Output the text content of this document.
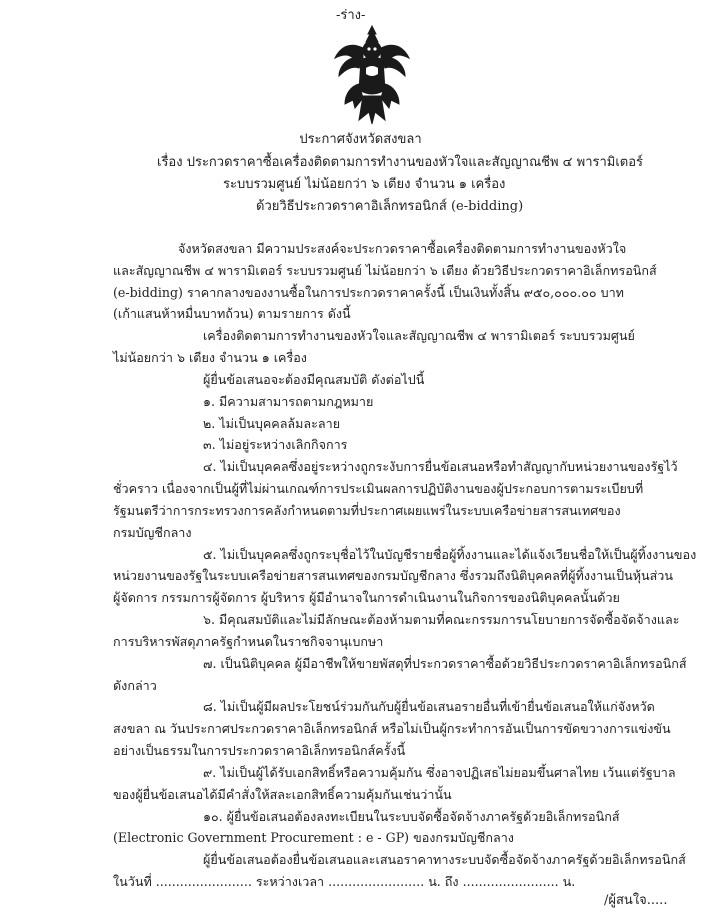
-ร่าง-
ประกาศจังหวัดสงขลา
เรื่อง ประกวดราคาซื้อเครื่องติดตามการทำงานของหัวใจและสัญญาณชีพ ๔ พารามิเตอร์
ระบบรวมศูนย์ ไม่น้อยกว่า ๖ เตียง จำนวน ๑ เครื่อง
ด้วยวิธีประกวดราคาอิเล็กทรอนิกส์ (e-bidding)
จังหวัดสงขลา มีความประสงค์จะประกวดราคาซื้อเครื่องติดตามการทำงานของหัวใจ
และสัญญาณชีพ ๔ พารามิเตอร์ ระบบรวมศูนย์ ไม่น้อยกว่า ๖ เตียง ด้วยวิธีประกวดราคาอิเล็กทรอนิกส์
(e-bidding) ราคากลางของงานซื้อในการประกวดราคาครั้งนี้ เป็นเงินทั้งสิ้น ๙๕๐,๐๐๐.๐๐ บาท
(เก้าแสนห้าหมื่นบาทถ้วน) ตามรายการ ดังนี้
เครื่องติดตามการทำงานของหัวใจและสัญญาณชีพ ๔ พารามิเตอร์ ระบบรวมศูนย์
ไม่น้อยกว่า ๖ เตียง จำนวน ๑ เครื่อง
ผู้ยื่นข้อเสนอจะต้องมีคุณสมบัติ ดังต่อไปนี้
๑. มีความสามารถตามกฎหมาย
๒. ไม่เป็นบุคคลล้มละลาย
๓. ไม่อยู่ระหว่างเลิกกิจการ
๔. ไม่เป็นบุคคลซึ่งอยู่ระหว่างถูกระงับการยื่นข้อเสนอหรือทำสัญญากับหน่วยงานของรัฐไว้
ชั่วคราว เนื่องจากเป็นผู้ที่ไม่ผ่านเกณฑ์การประเมินผลการปฏิบัติงานของผู้ประกอบการตามระเบียบที่
รัฐมนตรีว่าการกระทรวงการคลังกำหนดตามที่ประกาศเผยแพร่ในระบบเครือข่ายสารสนเทศของ
กรมบัญชีกลาง
๕. ไม่เป็นบุคคลซึ่งถูกระบุชื่อไว้ในบัญชีรายชื่อผู้ทิ้งงานและได้แจ้งเวียนชื่อให้เป็นผู้ทิ้งงานของ
หน่วยงานของรัฐในระบบเครือข่ายสารสนเทศของกรมบัญชีกลาง ซึ่งรวมถึงนิติบุคคลที่ผู้ทิ้งงานเป็นหุ้นส่วน
ผู้จัดการ กรรมการผู้จัดการ ผู้บริหาร ผู้มีอำนาจในการดำเนินงานในกิจการของนิติบุคคลนั้นด้วย
๖. มีคุณสมบัติและไม่มีลักษณะต้องห้ามตามที่คณะกรรมการนโยบายการจัดซื้อจัดจ้างและ
การบริหารพัสดุภาครัฐกำหนดในราชกิจจานุเบกษา
๗. เป็นนิติบุคคล ผู้มีอาชีพให้ขายพัสดุที่ประกวดราคาซื้อด้วยวิธีประกวดราคาอิเล็กทรอนิกส์
ดังกล่าว
๘. ไม่เป็นผู้มีผลประโยชน์ร่วมกันกับผู้ยื่นข้อเสนอรายอื่นที่เข้ายื่นข้อเสนอให้แก่จังหวัด
สงขลา ณ วันประกาศประกวดราคาอิเล็กทรอนิกส์ หรือไม่เป็นผู้กระทำการอันเป็นการขัดขวางการแข่งขัน
อย่างเป็นธรรมในการประกวดราคาอิเล็กทรอนิกส์ครั้งนี้
๙. ไม่เป็นผู้ได้รับเอกสิทธิ์หรือความคุ้มกัน ซึ่งอาจปฏิเสธไม่ยอมขึ้นศาลไทย เว้นแต่รัฐบาล
ของผู้ยื่นข้อเสนอได้มีคำสั่งให้สละเอกสิทธิ์ความคุ้มกันเช่นว่านั้น
๑๐. ผู้ยื่นข้อเสนอต้องลงทะเบียนในระบบจัดซื้อจัดจ้างภาครัฐด้วยอิเล็กทรอนิกส์
(Electronic Government Procurement : e - GP) ของกรมบัญชีกลาง
ผู้ยื่นข้อเสนอต้องยื่นข้อเสนอและเสนอราคาทางระบบจัดซื้อจัดจ้างภาครัฐด้วยอิเล็กทรอนิกส์
ในวันที่ ........................ ระหว่างเวลา ........................ น. ถึง ........................ น.
/ผู้สนใจ.....
